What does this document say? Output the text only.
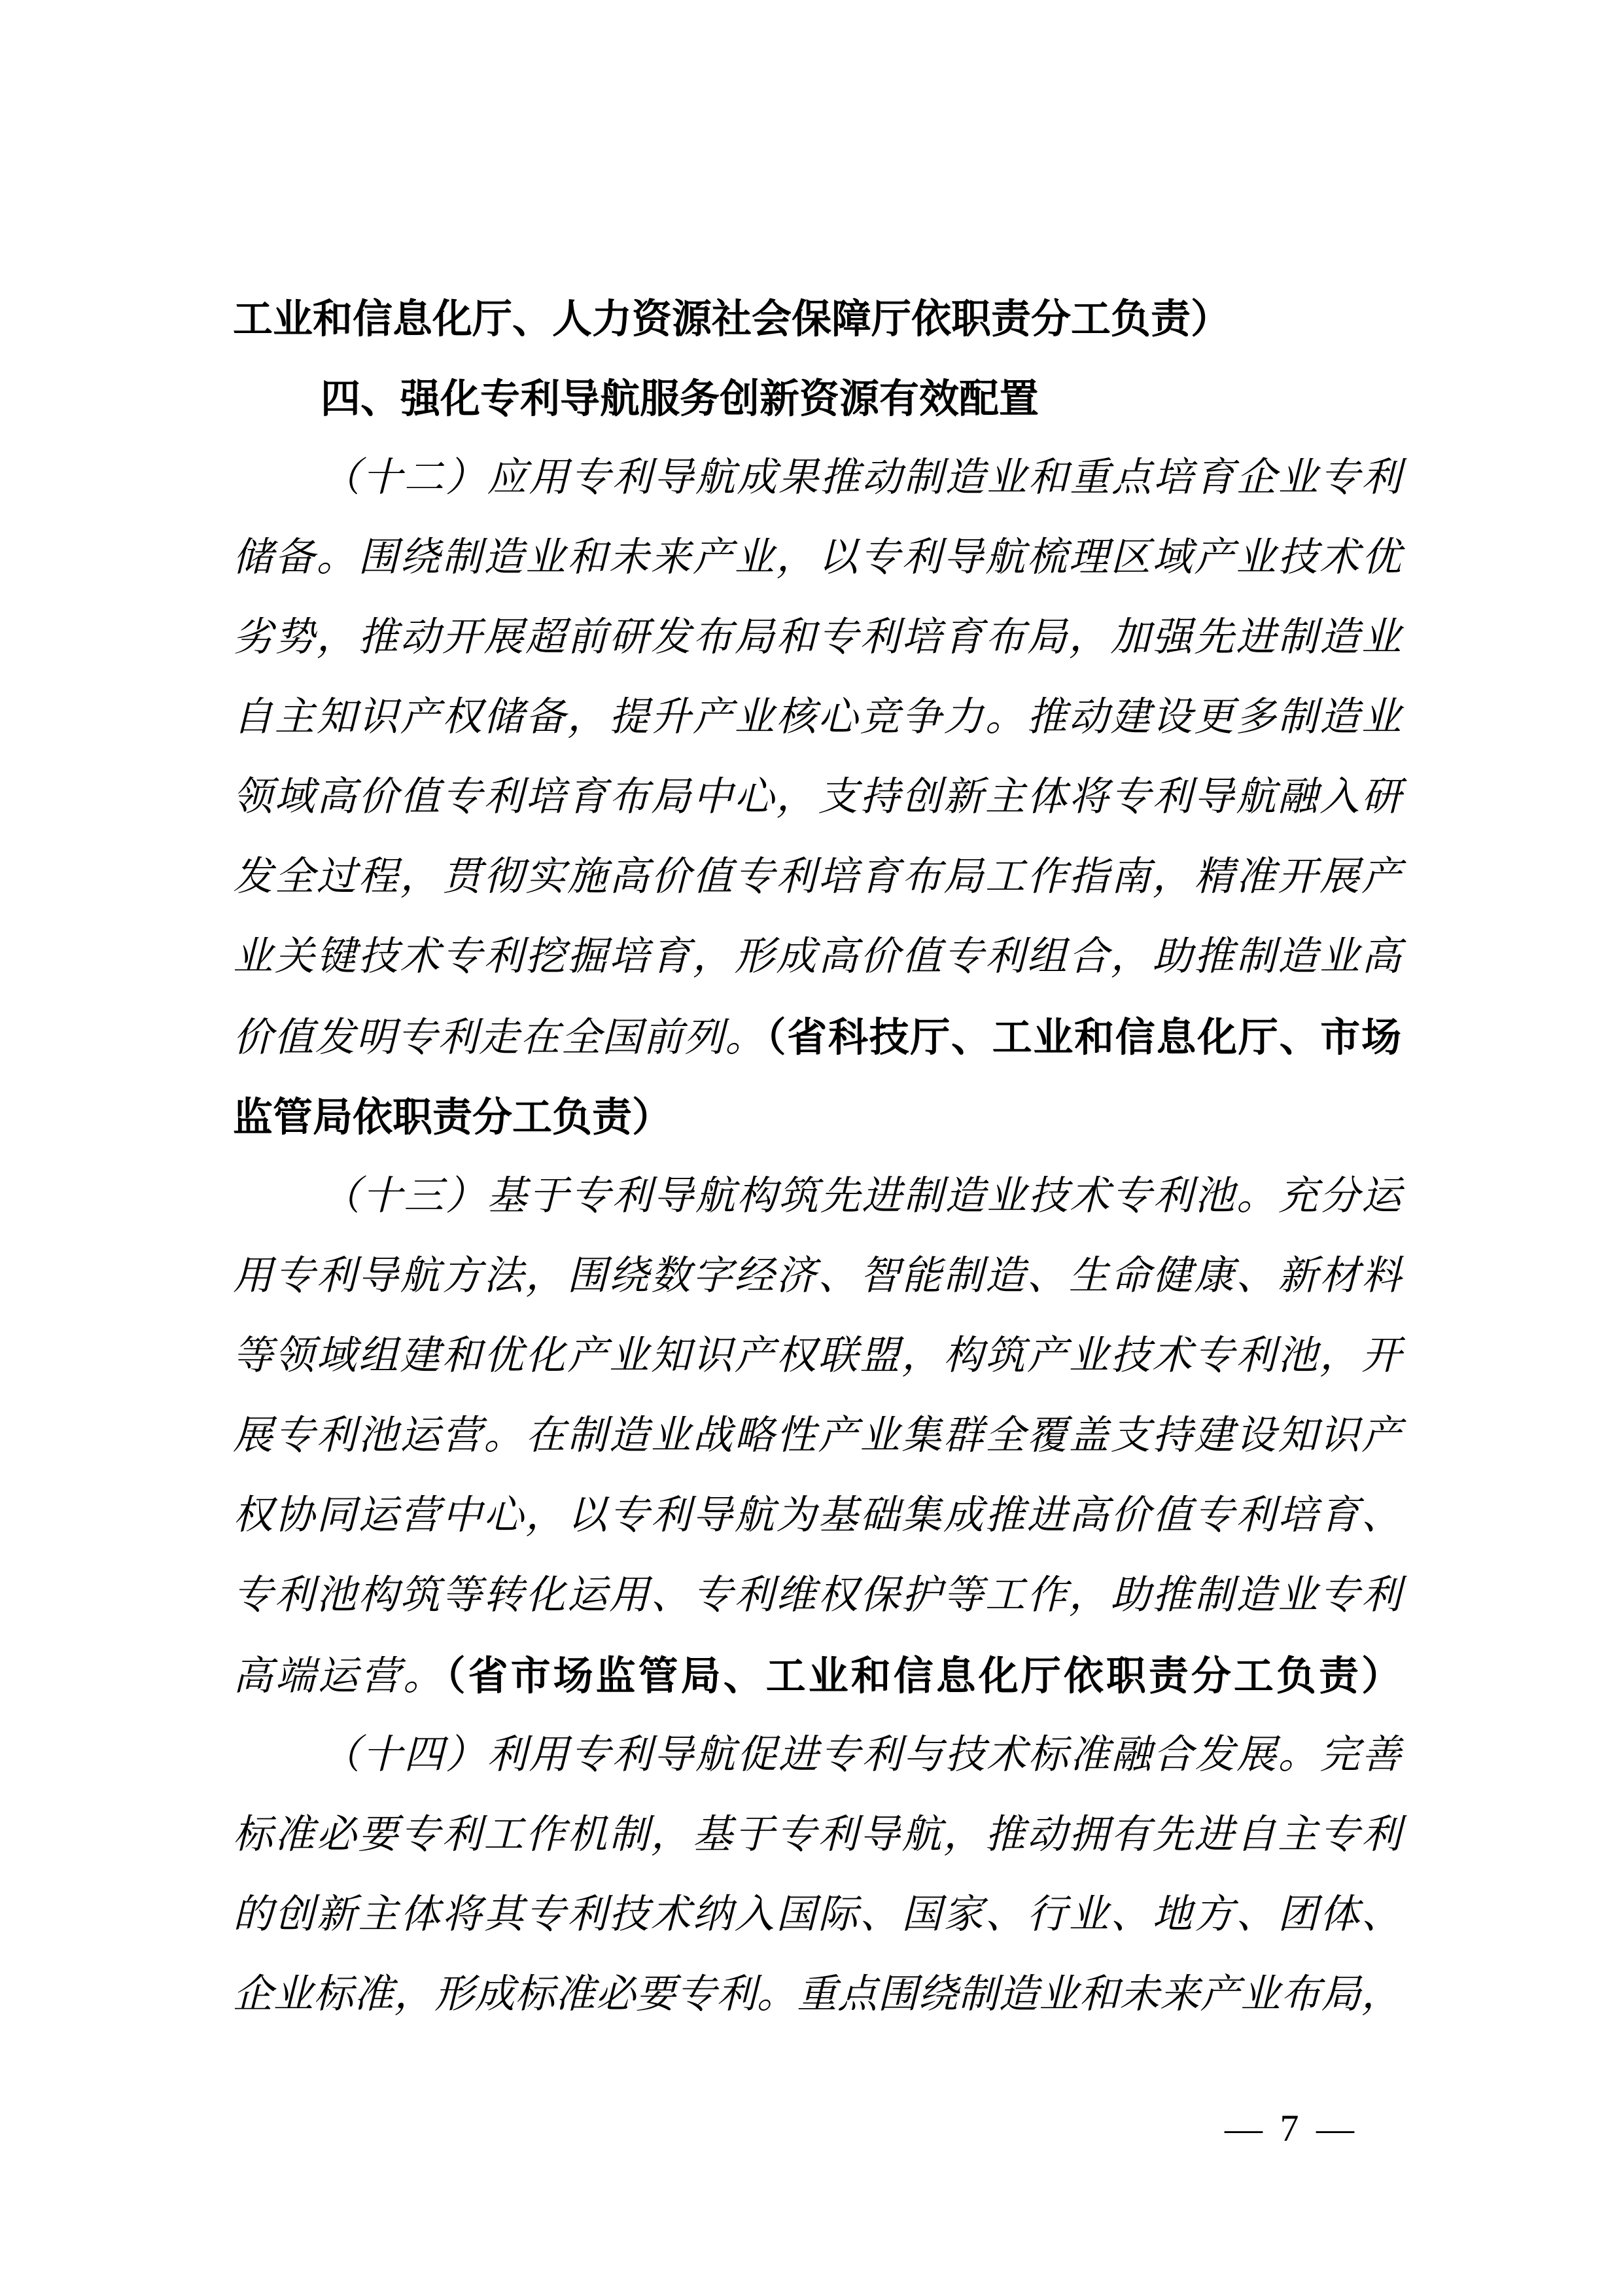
工业和信息化厅、人力资源社会保障厅依职责分工负责）
四、强化专利导航服务创新资源有效配置
（十二）应用专利导航成果推动制造业和重点培育企业专利
储备。围绕制造业和未来产业，以专利导航梳理区域产业技术优
劣势，推动开展超前研发布局和专利培育布局，加强先进制造业
自主知识产权储备，提升产业核心竞争力。推动建设更多制造业
领域高价值专利培育布局中心，支持创新主体将专利导航融入研
发全过程，贯彻实施高价值专利培育布局工作指南，精准开展产
业关键技术专利挖掘培育，形成高价值专利组合，助推制造业高
价值发明专利走在全国前列。（省科技厅、工业和信息化厅、市场
监管局依职责分工负责）
（十三）基于专利导航构筑先进制造业技术专利池。充分运
用专利导航方法，围绕数字经济、智能制造、生命健康、新材料
等领域组建和优化产业知识产权联盟，构筑产业技术专利池，开
展专利池运营。在制造业战略性产业集群全覆盖支持建设知识产
权协同运营中心，以专利导航为基础集成推进高价值专利培育、
专利池构筑等转化运用、专利维权保护等工作，助推制造业专利
高端运营。（省市场监管局、工业和信息化厅依职责分工负责）
（十四）利用专利导航促进专利与技术标准融合发展。完善
标准必要专利工作机制，基于专利导航，推动拥有先进自主专利
的创新主体将其专利技术纳入国际、国家、行业、地方、团体、
企业标准，形成标准必要专利。重点围绕制造业和未来产业布局，
— 7 —
